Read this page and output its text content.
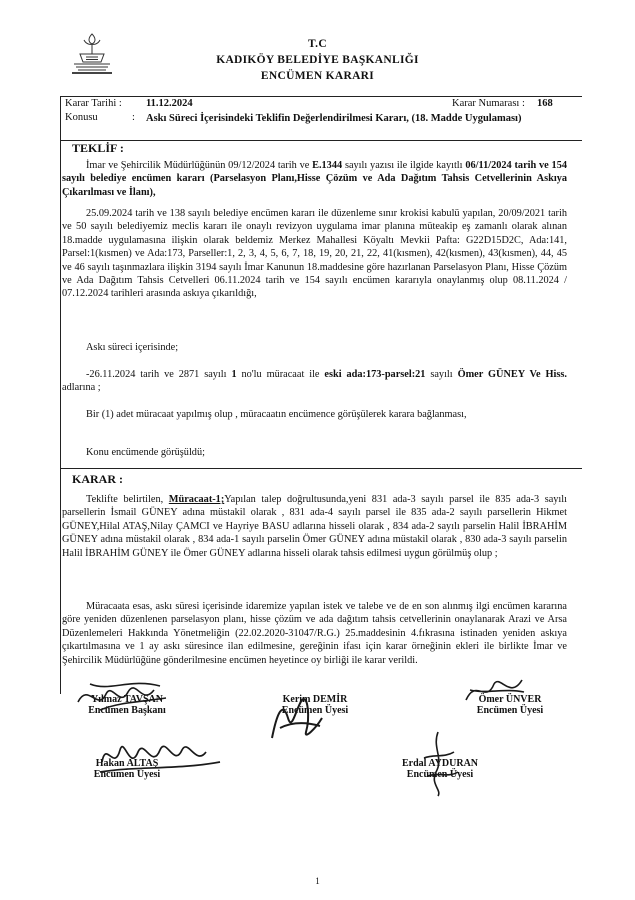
T.C
KADIKÖY BELEDİYE BAŞKANLIĞI
ENCÜMEN KARARI
Karar Tarihi : 11.12.2024	Karar Numarası : 168
Konusu	: Askı Süreci İçerisindeki Teklifin Değerlendirilmesi Kararı, (18. Madde Uygulaması)
TEKLİF :
İmar ve Şehircilik Müdürlüğünün 09/12/2024 tarih ve E.1344 sayılı yazısı ile ilgide kayıtlı 06/11/2024 tarih ve 154 sayılı belediye encümen kararı (Parselasyon Planı,Hisse Çözüm ve Ada Dağıtım Tahsis Cetvellerinin Askıya Çıkarılması ve İlanı),
25.09.2024 tarih ve 138 sayılı belediye encümen kararı ile düzenleme sınır krokisi kabulü yapılan, 20/09/2021 tarih ve 50 sayılı belediyemiz meclis kararı ile onaylı revizyon uygulama imar planına müteakip eş zamanlı olarak alınan 18.madde uygulamasına ilişkin olarak beldemiz Merkez Mahallesi Köyaltı Mevkii Pafta: G22D15D2C, Ada:141, Parsel:1(kısmen) ve Ada:173, Parseller:1, 2, 3, 4, 5, 6, 7, 18, 19, 20, 21, 22, 41(kısmen), 42(kısmen), 43(kısmen), 44, 45 ve 46 sayılı taşınmazlara ilişkin 3194 sayılı İmar Kanunun 18.maddesine göre hazırlanan Parselasyon Planı, Hisse Çözüm ve Ada Dağıtım Tahsis Cetvelleri 06.11.2024 tarih ve 154 sayılı encümen kararıyla onaylanmış olup 08.11.2024 / 07.12.2024 tarihleri arasında askıya çıkarıldığı,
Askı süreci içerisinde;
-26.11.2024 tarih ve 2871 sayılı 1 no'lu müracaat ile eski ada:173-parsel:21 sayılı Ömer GÜNEY Ve Hiss. adlarına ;
Bir (1) adet müracaat yapılmış olup , müracaatın encümence görüşülerek karara bağlanması,
Konu encümende görüşüldü;
KARAR :
Teklifte belirtilen, Müracaat-1;Yapılan talep doğrultusunda,yeni 831 ada-3 sayılı parsel ile 835 ada-3 sayılı parsellerin İsmail GÜNEY adına müstakil olarak , 831 ada-4 sayılı parsel ile 835 ada-2 sayılı parsellerin Hikmet GÜNEY,Hilal ATAŞ,Nilay ÇAMCI ve Hayriye BASU adlarına hisseli olarak , 834 ada-2 sayılı parselin Halil İBRAHİM GÜNEY adına müstakil olarak , 834 ada-1 sayılı parselin Ömer GÜNEY adına müstakil olarak , 830 ada-3 sayılı parselin Halil İBRAHİM GÜNEY ile Ömer GÜNEY adlarına hisseli olarak tahsis edilmesi uygun görülmüş olup ;
Müracaata esas, askı süresi içerisinde idaremize yapılan istek ve talebe ve de en son alınmış ilgi encümen kararına göre yeniden düzenlenen parselasyon planı, hisse çözüm ve ada dağıtım tahsis cetvellerinin onaylanarak Arazi ve Arsa Düzenlemeleri Hakkında Yönetmeliğin (22.02.2020-31047/R.G.) 25.maddesinin 4.fıkrasına istinaden yeniden askıya çıkartılmasına ve 1 ay askı süresince ilan edilmesine, gereğinin ifası için karar örneğinin ekleri ile birlikte İmar ve Şehircilik Müdürlüğüne gönderilmesine encümen heyetince oy birliği ile karar verildi.
Yılmaz TAVŞAN
Encümen Başkanı
Kerim DEMİR
Encümen Üyesi
Ömer ÜNVER
Encümen Üyesi
Hakan ALTAŞ
Encümen Üyesi
Erdal AYDURAN
Encümen Üyesi
1
